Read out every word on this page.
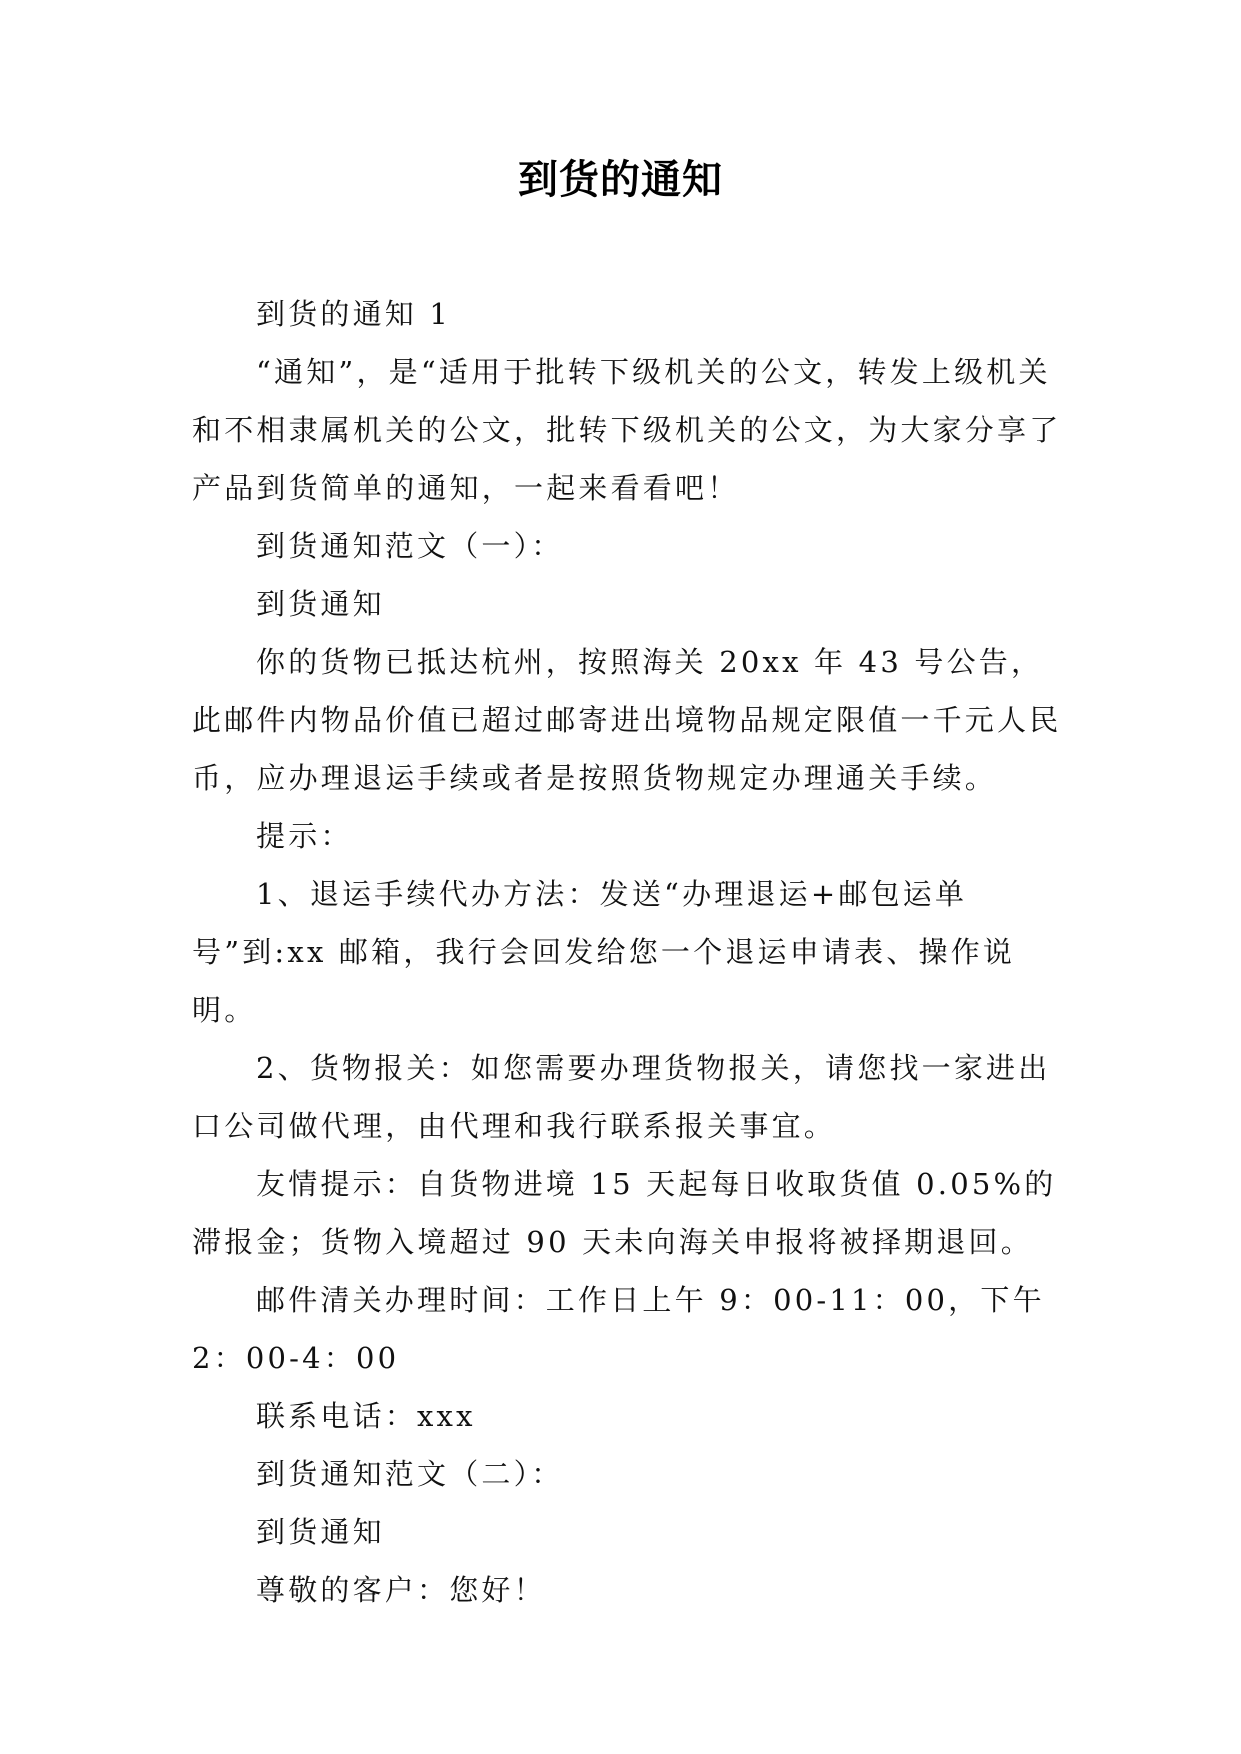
到货的通知

到货的通知 1

“通知”，是“适用于批转下级机关的公文，转发上级机关和不相隶属机关的公文，批转下级机关的公文，为大家分享了产品到货简单的通知，一起来看看吧！

到货通知范文（一）：

到货通知

你的货物已抵达杭州，按照海关 20xx 年 43 号公告，此邮件内物品价值已超过邮寄进出境物品规定限值一千元人民币，应办理退运手续或者是按照货物规定办理通关手续。

提示：

1、退运手续代办方法：发送“办理退运+邮包运单号”到:xx 邮箱，我行会回发给您一个退运申请表、操作说明。

2、货物报关：如您需要办理货物报关，请您找一家进出口公司做代理，由代理和我行联系报关事宜。

友情提示：自货物进境 15 天起每日收取货值 0.05%的滞报金；货物入境超过 90 天未向海关申报将被择期退回。

邮件清关办理时间：工作日上午 9：00-11：00，下午 2：00-4：00

联系电话：xxx

到货通知范文（二）：

到货通知

尊敬的客户：您好！
